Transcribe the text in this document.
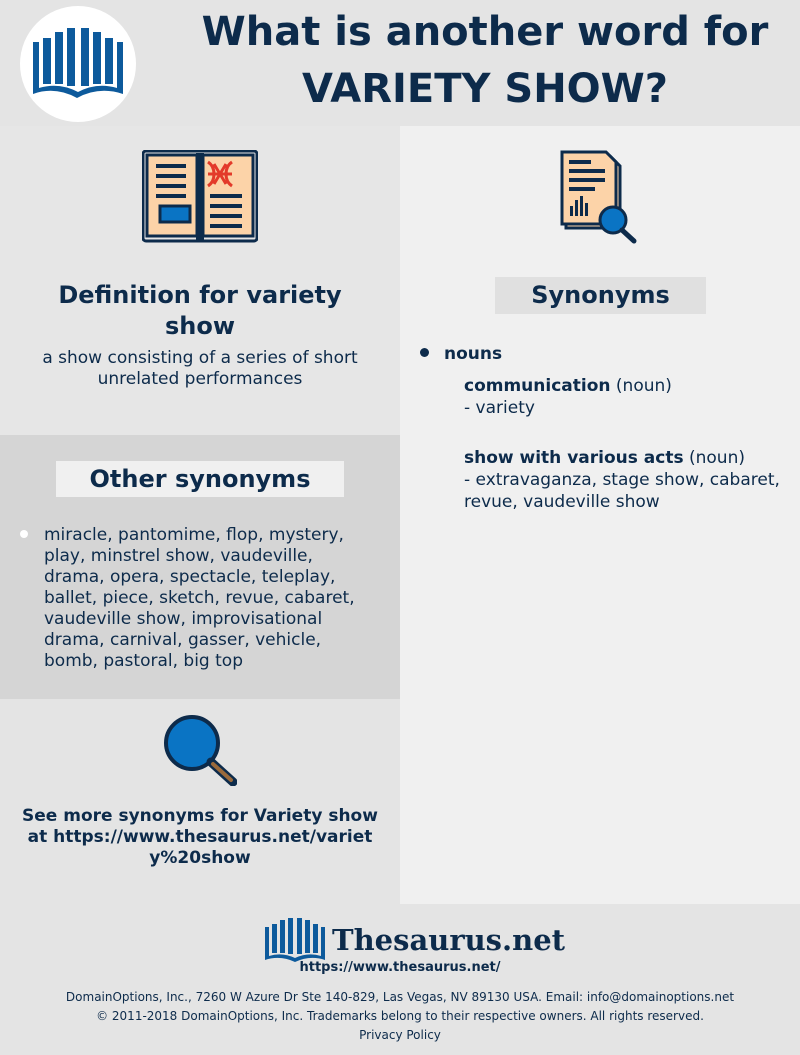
What is another word for
VARIETY SHOW?
Definition for variety show
a show consisting of a series of short unrelated performances
Other synonyms
miracle, pantomime, flop, mystery, play, minstrel show, vaudeville, drama, opera, spectacle, teleplay, ballet, piece, sketch, revue, cabaret, vaudeville show, improvisational drama, carnival, gasser, vehicle, bomb, pastoral, big top
See more synonyms for Variety show at https://www.thesaurus.net/variety%20show
Synonyms
nouns
communication (noun)
- variety
show with various acts (noun)
- extravaganza, stage show, cabaret, revue, vaudeville show
Thesaurus.net
https://www.thesaurus.net/
DomainOptions, Inc., 7260 W Azure Dr Ste 140-829, Las Vegas, NV 89130 USA. Email: info@domainoptions.net
© 2011-2018 DomainOptions, Inc. Trademarks belong to their respective owners. All rights reserved.
Privacy Policy
